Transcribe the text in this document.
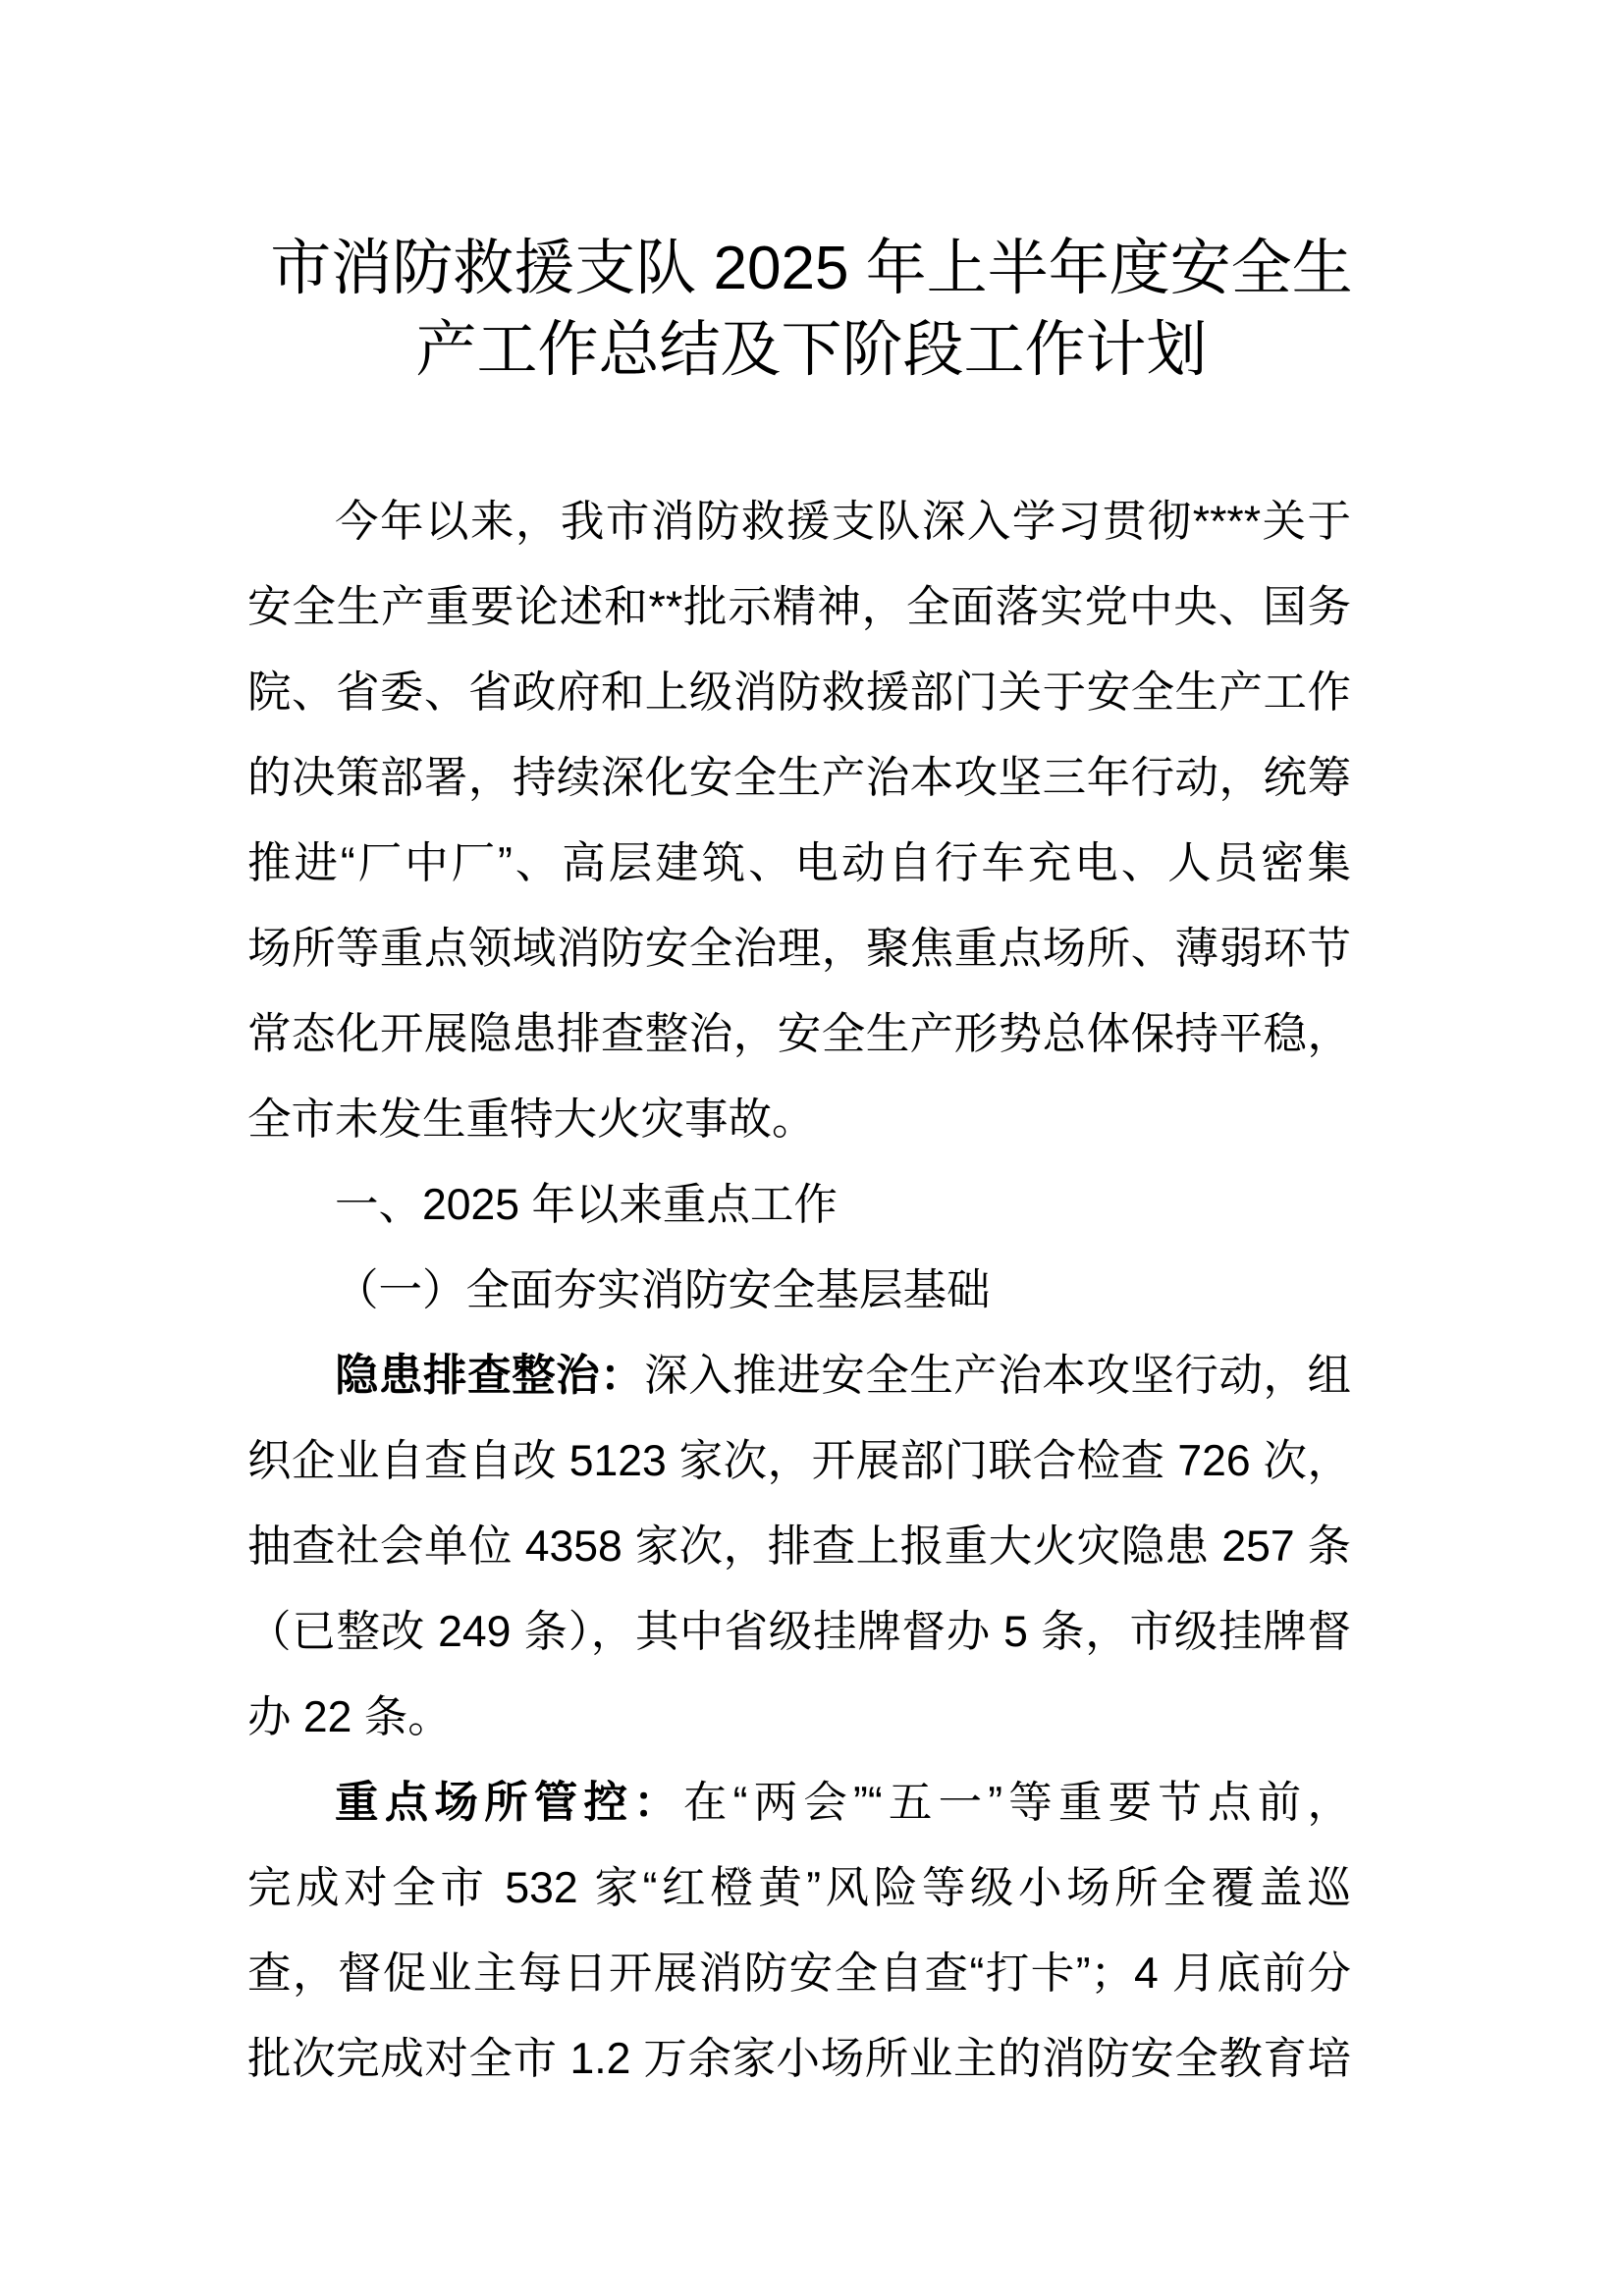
市消防救援支队 2025 年上半年度安全生
产工作总结及下阶段工作计划
今年以来，我市消防救援支队深入学习贯彻****关于
安全生产重要论述和**批示精神，全面落实党中央、国务
院、省委、省政府和上级消防救援部门关于安全生产工作
的决策部署，持续深化安全生产治本攻坚三年行动，统筹
推进“厂中厂”、高层建筑、电动自行车充电、人员密集
场所等重点领域消防安全治理，聚焦重点场所、薄弱环节
常态化开展隐患排查整治，安全生产形势总体保持平稳，
全市未发生重特大火灾事故。
一、2025 年以来重点工作
（一）全面夯实消防安全基层基础
隐患排查整治：深入推进安全生产治本攻坚行动，组
织企业自查自改 5123 家次，开展部门联合检查 726 次，
抽查社会单位 4358 家次，排查上报重大火灾隐患 257 条
（已整改 249 条），其中省级挂牌督办 5 条，市级挂牌督
办 22 条。
重点场所管控：在“两会”“五一”等重要节点前，
完成对全市 532 家“红橙黄”风险等级小场所全覆盖巡
查，督促业主每日开展消防安全自查“打卡”；4 月底前分
批次完成对全市 1.2 万余家小场所业主的消防安全教育培
